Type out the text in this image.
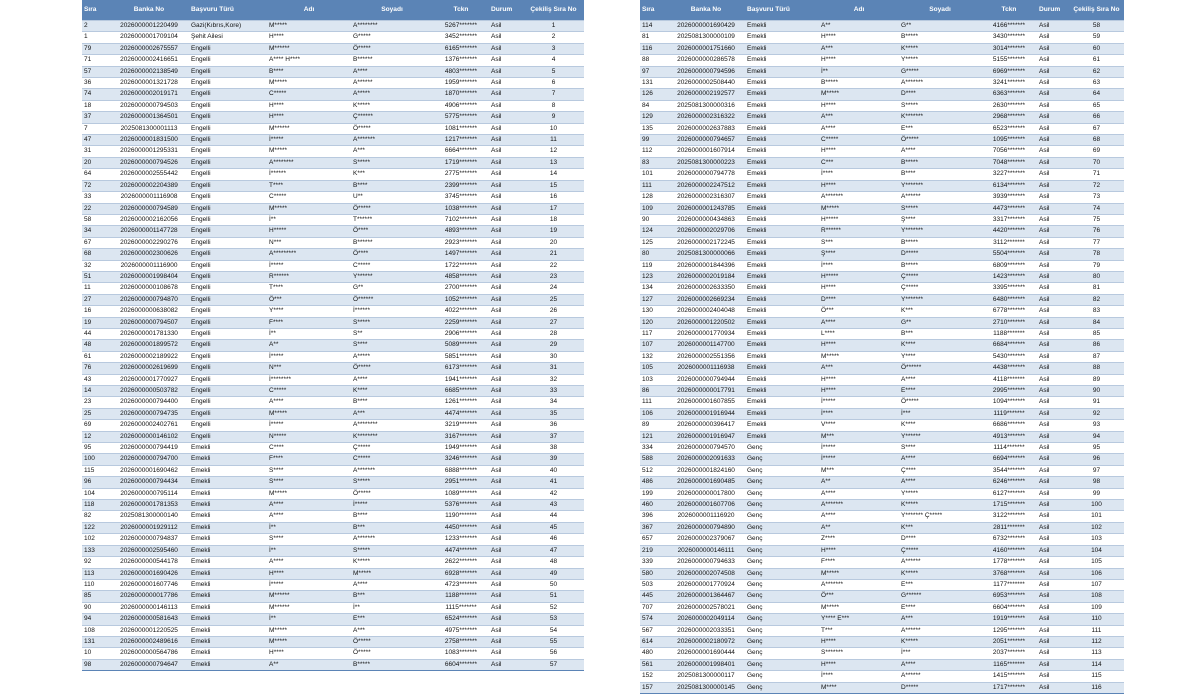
Sıra	Banka No	Başvuru Türü	Adı	Soyadı	Tckn	Durum	Çekiliş Sıra No
2	2026000001220499	Gazi(Kıbrıs,Kore)	M*****	A********	5267*******	Asil	1
1	2026000001709104	Şehit Ailesi	H****	G*****	3452*******	Asil	2
79	2026000002675557	Engelli	M******	Ö*****	6165*******	Asil	3
71	2026000002416651	Engelli	A**** H****	B******	1376*******	Asil	4
57	2026000002138549	Engelli	B****	A****	4803*******	Asil	5
36	2026000001321728	Engelli	M*****	A******	1959*******	Asil	6
74	2026000002019171	Engelli	C*****	A*****	1870*******	Asil	7
18	2026000000794503	Engelli	H****	K*****	4906*******	Asil	8
37	2026000001364501	Engelli	H****	Ç******	5775*******	Asil	9
7	2025081300001113	Engelli	M******	Ö*****	1081*******	Asil	10
47	2026000001831500	Engelli	İ*****	A*******	1217*******	Asil	11
31	2026000001295331	Engelli	M*****	A***	6664*******	Asil	12
20	2026000000794526	Engelli	A********	S*****	1719*******	Asil	13
64	2026000002555442	Engelli	İ******	K***	2775*******	Asil	14
72	2026000002204389	Engelli	T****	B****	2399*******	Asil	15
33	2026000001116908	Engelli	C*****	U**	3745*******	Asil	16
22	2026000000794589	Engelli	M*****	Ö*****	1038*******	Asil	17
58	2026000002162056	Engelli	İ**	T******	7102*******	Asil	18
34	2026000001147728	Engelli	H*****	Ö****	4893*******	Asil	19
67	2026000002290276	Engelli	N***	B******	2923*******	Asil	20
68	2026000002300626	Engelli	A*********	Ö****	1497*******	Asil	21
32	2026000001116900	Engelli	İ*****	C*****	1722*******	Asil	22
51	2026000001998404	Engelli	R******	Y******	4858*******	Asil	23
11	2026000000108678	Engelli	T****	G**	2700*******	Asil	24
27	2026000000794870	Engelli	Ö***	Ö******	1052*******	Asil	25
16	2026000000638082	Engelli	Y****	İ******	4022*******	Asil	26
19	2026000000794507	Engelli	F****	S*****	2259*******	Asil	27
44	2026000001781330	Engelli	İ**	S**	2906*******	Asil	28
48	2026000001899572	Engelli	A**	S****	5089*******	Asil	29
61	2026000002189922	Engelli	İ*****	A*****	5851*******	Asil	30
76	2026000002619699	Engelli	N***	Ö*****	6173*******	Asil	31
43	2026000001770927	Engelli	İ********	A****	1941*******	Asil	32
14	2026000000503782	Engelli	C*****	K****	6685*******	Asil	33
23	2026000000794400	Engelli	A****	B****	1261*******	Asil	34
25	2026000000794735	Engelli	M*****	A***	4474*******	Asil	35
69	2026000002402761	Engelli	İ*****	A********	3219*******	Asil	36
12	2026000000146102	Engelli	N*****	K********	3167*******	Asil	37
95	2026000000794419	Emekli	C****	Ç*****	1949*******	Asil	38
100	2026000000794700	Emekli	F****	C*****	3246*******	Asil	39
115	2026000001690462	Emekli	S****	A*******	6888*******	Asil	40
96	2026000000794434	Emekli	S****	S*****	2951*******	Asil	41
104	2026000000795114	Emekli	M*****	Ö*****	1089*******	Asil	42
118	2026000001781353	Emekli	A****	İ*****	5376*******	Asil	43
82	2025081300000140	Emekli	A****	B****	1190*******	Asil	44
122	2026000001929112	Emekli	İ**	B***	4450*******	Asil	45
102	2026000000794837	Emekli	S****	A*******	1233*******	Asil	46
133	2026000002595460	Emekli	İ**	S*****	4474*******	Asil	47
92	2026000000544178	Emekli	A****	K*****	2622*******	Asil	48
113	2026000001690426	Emekli	H****	M*****	6928*******	Asil	49
110	2026000001607746	Emekli	İ*****	A****	4723*******	Asil	50
85	2026000000017786	Emekli	M******	B***	1188*******	Asil	51
90	2026000000146113	Emekli	M******	İ**	1115*******	Asil	52
94	2026000000581643	Emekli	İ**	E***	6524*******	Asil	53
108	2026000001220525	Emekli	M*****	A***	4975*******	Asil	54
131	2026000002489616	Emekli	M*****	Ö*****	2758*******	Asil	55
10	2026000000564786	Emekli	H****	Ö*****	1083*******	Asil	56
98	2026000000794647	Emekli	A**	B*****	6604*******	Asil	57
Sıra	Banka No	Başvuru Türü	Adı	Soyadı	Tckn	Durum	Çekiliş Sıra No
114	2026000001690429	Emekli	A**	G**	4166*******	Asil	58
81	2025081300000109	Emekli	H****	B*****	3430*******	Asil	59
116	2026000001751660	Emekli	A***	K*****	3014*******	Asil	60
88	2026000000286578	Emekli	H****	Y*****	5155*******	Asil	61
97	2026000000794596	Emekli	İ**	G*****	6969*******	Asil	62
131	2026000002508440	Emekli	B*****	A*******	3241*******	Asil	63
126	2026000002192577	Emekli	M*****	D****	6363*******	Asil	64
84	2025081300000316	Emekli	H****	S*****	2630*******	Asil	65
129	2026000002316322	Emekli	A***	K*******	2968*******	Asil	66
135	2026000002637883	Emekli	A****	E***	6523*******	Asil	67
99	2026000000794657	Emekli	C*****	Ö*****	1095*******	Asil	68
112	2026000001607914	Emekli	H****	A****	7056*******	Asil	69
83	2025081300000223	Emekli	C***	B*****	7048*******	Asil	70
101	2026000000794778	Emekli	İ****	B****	3227*******	Asil	71
111	2026000002247512	Emekli	H****	Y*******	6134*******	Asil	72
128	2026000002316307	Emekli	A*******	A******	3939*******	Asil	73
109	2026000001243785	Emekli	M*****	S*****	4473*******	Asil	74
90	2026000000434863	Emekli	H*****	Ş****	3317*******	Asil	75
124	2026000002029706	Emekli	R******	Y*******	4420*******	Asil	76
125	2026000002172245	Emekli	S***	B*****	3112*******	Asil	77
80	2025081300000066	Emekli	Ş****	D*****	5504*******	Asil	78
119	2026000001844396	Emekli	İ****	B*****	6809*******	Asil	79
123	2026000002019184	Emekli	H*****	Ç*****	1423*******	Asil	80
134	2026000002633350	Emekli	H****	Ç*****	3395*******	Asil	81
127	2026000002669234	Emekli	D****	Y*******	6480*******	Asil	82
130	2026000002404048	Emekli	Ö***	K***	6778*******	Asil	83
120	2026000001220502	Emekli	A****	G**	2710*******	Asil	84
117	2026000001770934	Emekli	L****	B***	1188*******	Asil	85
107	2026000001147700	Emekli	H****	K****	6684*******	Asil	86
132	2026000002551356	Emekli	M*****	Y****	5430*******	Asil	87
105	2026000001116938	Emekli	A***	Ö******	4438*******	Asil	88
103	2026000000794944	Emekli	H****	A****	4118*******	Asil	89
86	2026000000017791	Emekli	H****	E****	2995*******	Asil	90
111	2026000001607855	Emekli	İ*****	Ö*****	1094*******	Asil	91
106	2026000001916944	Emekli	İ****	İ***	1119*******	Asil	92
89	2026000000396417	Emekli	V****	K****	6686*******	Asil	93
121	2026000001916947	Emekli	M***	Y******	4913*******	Asil	94
334	2026000000794570	Genç	İ*****	S****	1114*******	Asil	95
588	2026000002091633	Genç	İ*****	A****	6694*******	Asil	96
512	2026000001824160	Genç	M***	Ç****	3544*******	Asil	97
486	2026000001690485	Genç	A**	A****	6246*******	Asil	98
199	2026000000017800	Genç	A****	Y*****	6127*******	Asil	99
460	2026000001607706	Genç	A*******	K*****	1715*******	Asil	100
396	2026000001116920	Genç	A****	Y******* Ç*****	3122*******	Asil	101
367	2026000000794890	Genç	A**	K***	2811*******	Asil	102
657	2026000002379067	Genç	Z****	D****	6732*******	Asil	103
219	2026000000146111	Genç	H****	Ç*****	4160*******	Asil	104
339	2026000000794633	Genç	F****	A******	1778*******	Asil	105
580	2026000002074508	Genç	M*****	K*****	3768*******	Asil	106
503	2026000001770924	Genç	A*******	E***	1177*******	Asil	107
445	2026000001364467	Genç	Ö***	G******	6953*******	Asil	108
707	2026000002578021	Genç	M*****	E****	6604*******	Asil	109
574	2026000002049114	Genç	Y**** E***	A***	1919*******	Asil	110
567	2026000002033351	Genç	T***	A******	1295*******	Asil	111
614	2026000002180972	Genç	H****	K*****	2051*******	Asil	112
480	2026000001690444	Genç	S*******	İ***	2037*******	Asil	113
561	2026000001998401	Genç	H****	A****	1165*******	Asil	114
152	2025081300000117	Genç	İ****	A******	1415*******	Asil	115
157	2025081300000145	Genç	M****	D*****	1717*******	Asil	116
